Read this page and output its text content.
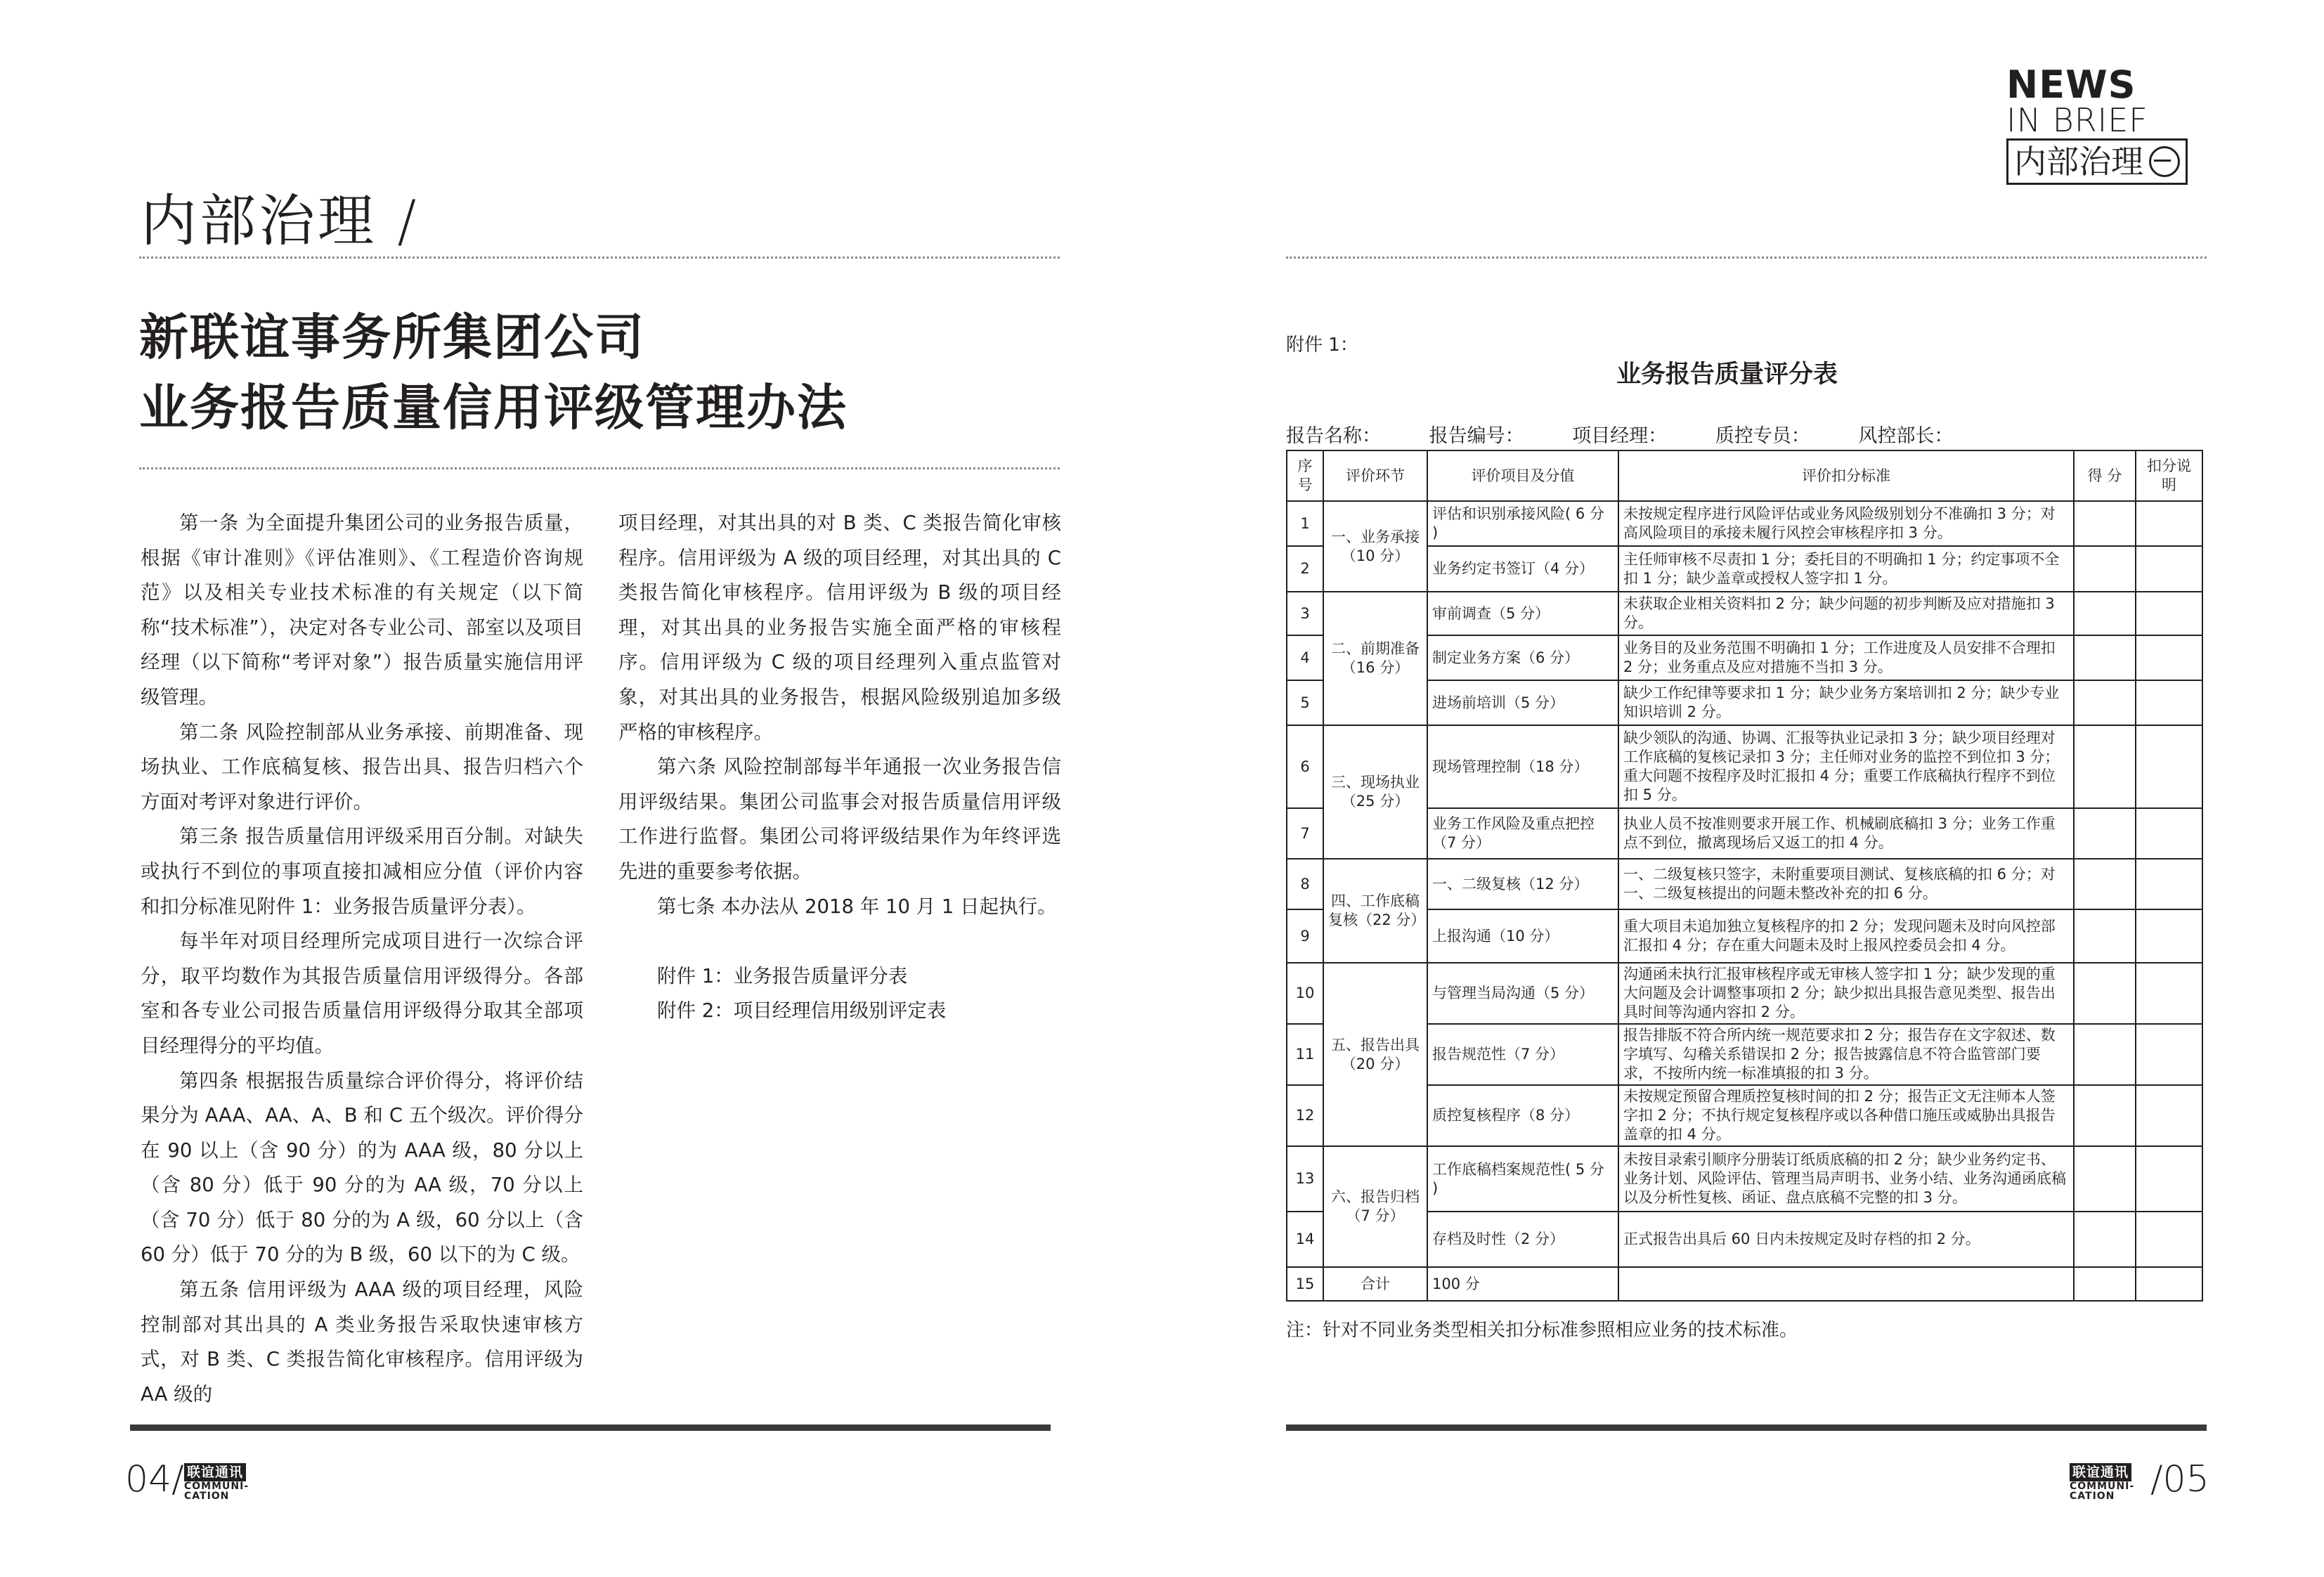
内部治理 /
新联谊事务所集团公司
业务报告质量信用评级管理办法

第一条 为全面提升集团公司的业务报告质量，根据《审计准则》《评估准则》、《工程造价咨询规范》以及相关专业技术标准的有关规定（以下简称“技术标准”），决定对各专业公司、部室以及项目经理（以下简称“考评对象”）报告质量实施信用评级管理。

第二条 风险控制部从业务承接、前期准备、现场执业、工作底稿复核、报告出具、报告归档六个方面对考评对象进行评价。

第三条 报告质量信用评级采用百分制。对缺失或执行不到位的事项直接扣减相应分值（评价内容和扣分标准见附件 1：业务报告质量评分表）。

每半年对项目经理所完成项目进行一次综合评分，取平均数作为其报告质量信用评级得分。各部室和各专业公司报告质量信用评级得分取其全部项目经理得分的平均值。

第四条 根据报告质量综合评价得分，将评价结果分为 AAA、AA、A、B 和 C 五个级次。评价得分在 90 以上（含 90 分）的为 AAA 级，80 分以上（含 80 分）低于 90 分的为 AA 级，70 分以上（含 70 分）低于 80 分的为 A 级，60 分以上（含 60 分）低于 70 分的为 B 级，60 以下的为 C 级。

第五条 信用评级为 AAA 级的项目经理，风险控制部对其出具的 A 类业务报告采取快速审核方式，对 B 类、C 类报告简化审核程序。信用评级为 AA 级的

项目经理，对其出具的对 B 类、C 类报告简化审核程序。信用评级为 A 级的项目经理，对其出具的 C 类报告简化审核程序。信用评级为 B 级的项目经理，对其出具的业务报告实施全面严格的审核程序。信用评级为 C 级的项目经理列入重点监管对象，对其出具的业务报告，根据风险级别追加多级严格的审核程序。

第六条 风险控制部每半年通报一次业务报告信用评级结果。集团公司监事会对报告质量信用评级工作进行监督。集团公司将评级结果作为年终评选先进的重要参考依据。

第七条 本办法从 2018 年 10 月 1 日起执行。

附件 1：业务报告质量评分表

附件 2：项目经理信用级别评定表

04/ 联谊通讯
COMMUNI-
CATION
NEWS
IN BRIEF
内部治理
附件 1：
业务报告质量评分表
报告名称：	报告编号：	项目经理：	质控专员：	风控部长：
序号	评价环节	评价项目及分值	评价扣分标准	得 分	扣分说明
1	一、业务承接（10 分）	评估和识别承接风险( 6 分 )	未按规定程序进行风险评估或业务风险级别划分不准确扣 3 分；对高风险项目的承接未履行风控会审核程序扣 3 分。		
2		业务约定书签订（4 分）	主任师审核不尽责扣 1 分；委托目的不明确扣 1 分；约定事项不全扣 1 分；缺少盖章或授权人签字扣 1 分。		
3	二、前期准备（16 分）	审前调查（5 分）	未获取企业相关资料扣 2 分；缺少问题的初步判断及应对措施扣 3 分。		
4		制定业务方案（6 分）	业务目的及业务范围不明确扣 1 分；工作进度及人员安排不合理扣 2 分；业务重点及应对措施不当扣 3 分。		
5		进场前培训（5 分）	缺少工作纪律等要求扣 1 分；缺少业务方案培训扣 2 分；缺少专业知识培训 2 分。		
6	三、现场执业（25 分）	现场管理控制（18 分）	缺少领队的沟通、协调、汇报等执业记录扣 3 分；缺少项目经理对工作底稿的复核记录扣 3 分；主任师对业务的监控不到位扣 3 分；重大问题不按程序及时汇报扣 4 分；重要工作底稿执行程序不到位扣 5 分。		
7		业务工作风险及重点把控（7 分）	执业人员不按准则要求开展工作、机械刷底稿扣 3 分；业务工作重点不到位，撤离现场后又返工的扣 4 分。		
8	四、工作底稿复核（22 分）	一、二级复核（12 分）	一、二级复核只签字，未附重要项目测试、复核底稿的扣 6 分；对一、二级复核提出的问题未整改补充的扣 6 分。		
9		上报沟通（10 分）	重大项目未追加独立复核程序的扣 2 分；发现问题未及时向风控部汇报扣 4 分；存在重大问题未及时上报风控委员会扣 4 分。		
10	五、报告出具（20 分）	与管理当局沟通（5 分）	沟通函未执行汇报审核程序或无审核人签字扣 1 分；缺少发现的重大问题及会计调整事项扣 2 分；缺少拟出具报告意见类型、报告出具时间等沟通内容扣 2 分。		
11		报告规范性（7 分）	报告排版不符合所内统一规范要求扣 2 分；报告存在文字叙述、数字填写、勾稽关系错误扣 2 分；报告披露信息不符合监管部门要求，不按所内统一标准填报的扣 3 分。		
12		质控复核程序（8 分）	未按规定预留合理质控复核时间的扣 2 分；报告正文无注师本人签字扣 2 分；不执行规定复核程序或以各种借口施压或威胁出具报告盖章的扣 4 分。		
13	六、报告归档（7 分）	工作底稿档案规范性( 5 分 )	未按目录索引顺序分册装订纸质底稿的扣 2 分；缺少业务约定书、业务计划、风险评估、管理当局声明书、业务小结、业务沟通函底稿以及分析性复核、函证、盘点底稿不完整的扣 3 分。		
14		存档及时性（2 分）	正式报告出具后 60 日内未按规定及时存档的扣 2 分。		
15	合计	100 分			
注：针对不同业务类型相关扣分标准参照相应业务的技术标准。
联谊通讯
COMMUNI-
CATION /05
